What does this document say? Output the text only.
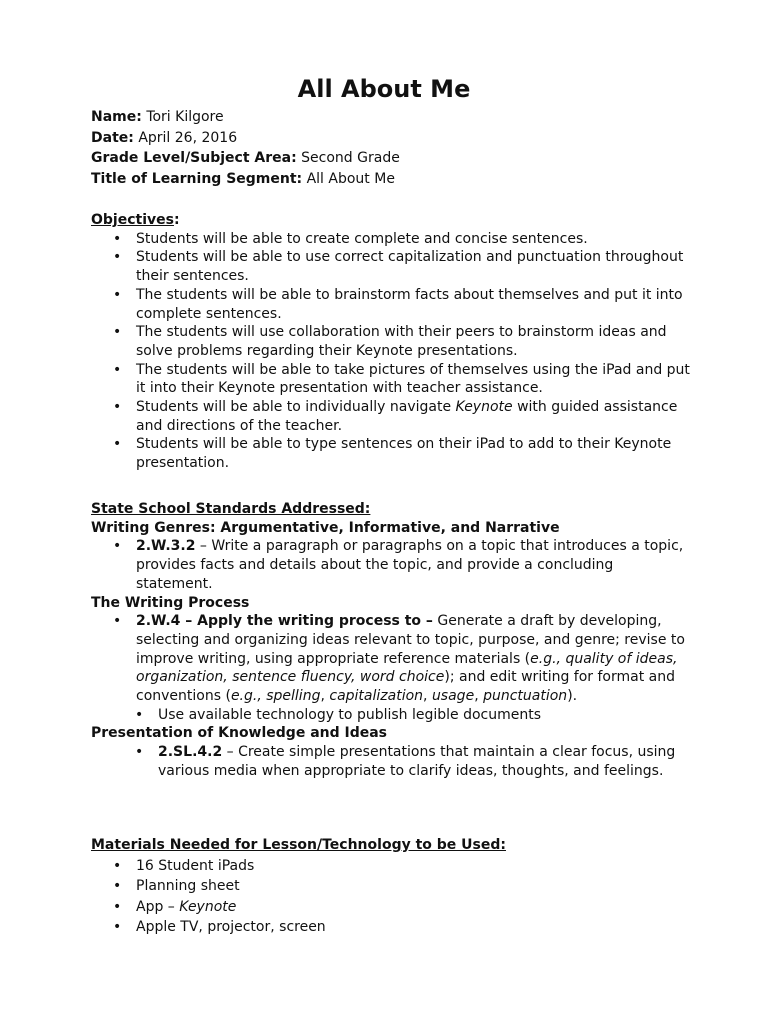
All About Me
Name: Tori Kilgore
Date: April 26, 2016
Grade Level/Subject Area: Second Grade
Title of Learning Segment: All About Me
Objectives:
• Students will be able to create complete and concise sentences.
• Students will be able to use correct capitalization and punctuation throughout their sentences.
• The students will be able to brainstorm facts about themselves and put it into complete sentences.
• The students will use collaboration with their peers to brainstorm ideas and solve problems regarding their Keynote presentations.
• The students will be able to take pictures of themselves using the iPad and put it into their Keynote presentation with teacher assistance.
• Students will be able to individually navigate Keynote with guided assistance and directions of the teacher.
• Students will be able to type sentences on their iPad to add to their Keynote presentation.
State School Standards Addressed:
Writing Genres: Argumentative, Informative, and Narrative
• 2.W.3.2 – Write a paragraph or paragraphs on a topic that introduces a topic, provides facts and details about the topic, and provide a concluding statement.
The Writing Process
• 2.W.4 – Apply the writing process to – Generate a draft by developing, selecting and organizing ideas relevant to topic, purpose, and genre; revise to improve writing, using appropriate reference materials (e.g., quality of ideas, organization, sentence fluency, word choice); and edit writing for format and conventions (e.g., spelling, capitalization, usage, punctuation).
• Use available technology to publish legible documents
Presentation of Knowledge and Ideas
• 2.SL.4.2 – Create simple presentations that maintain a clear focus, using various media when appropriate to clarify ideas, thoughts, and feelings.
Materials Needed for Lesson/Technology to be Used:
• 16 Student iPads
• Planning sheet
• App – Keynote
• Apple TV, projector, screen
